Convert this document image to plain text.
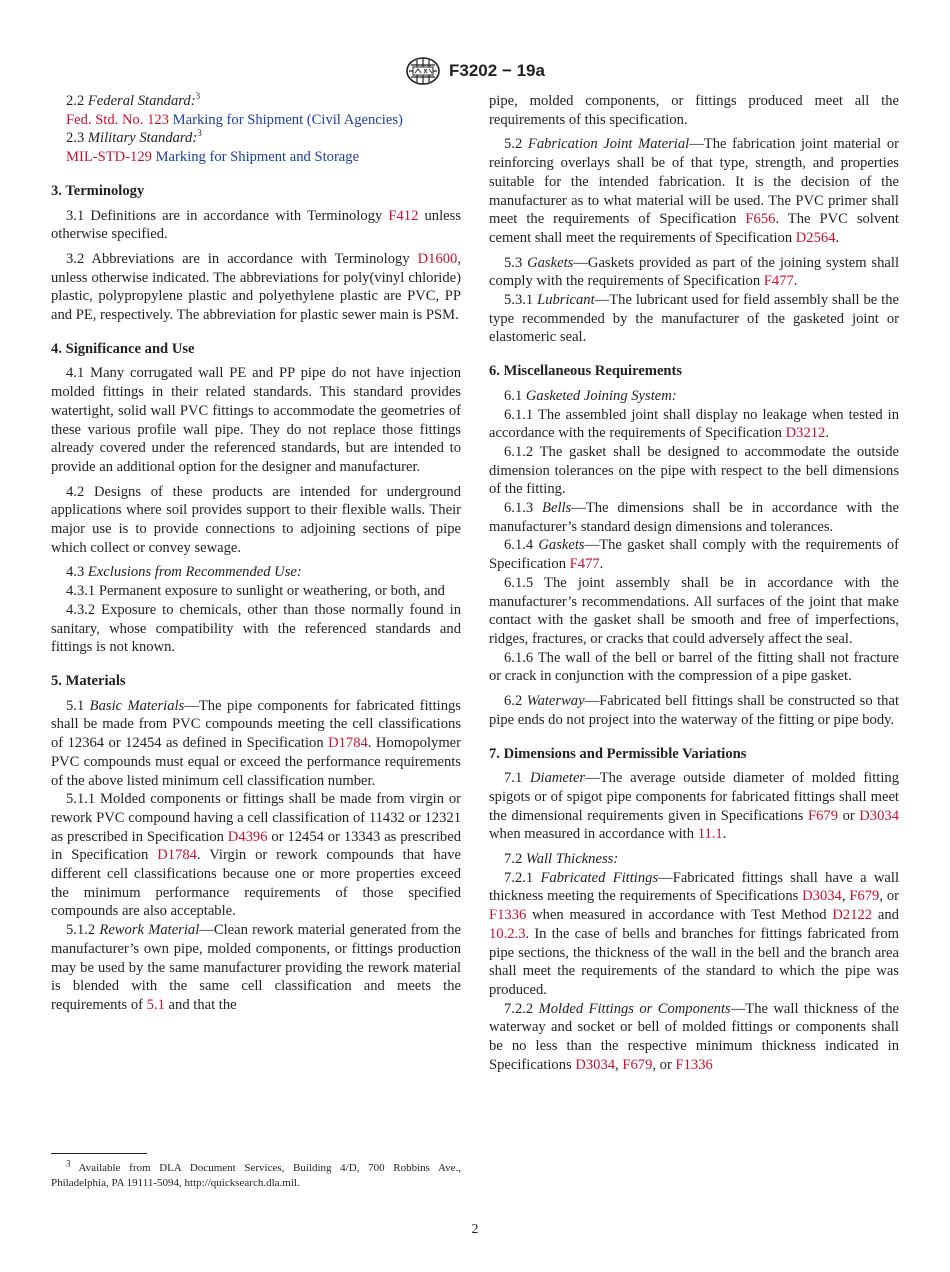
F3202 − 19a

2.2 Federal Standard:$^3$

Fed. Std. No. 123 Marking for Shipment (Civil Agencies)

2.3 Military Standard:$^3$

MIL-STD-129 Marking for Shipment and Storage

3. Terminology

3.1 Definitions are in accordance with Terminology F412 unless otherwise specified.

3.2 Abbreviations are in accordance with Terminology D1600, unless otherwise indicated. The abbreviations for poly(vinyl chloride) plastic, polypropylene plastic and polyethylene plastic are PVC, PP and PE, respectively. The abbreviation for plastic sewer main is PSM.

4. Significance and Use

4.1 Many corrugated wall PE and PP pipe do not have injection molded fittings in their related standards. This standard provides watertight, solid wall PVC fittings to accommodate the geometries of these various profile wall pipe. They do not replace those fittings already covered under the referenced standards, but are intended to provide an additional option for the designer and manufacturer.

4.2 Designs of these products are intended for underground applications where soil provides support to their flexible walls. Their major use is to provide connections to adjoining sections of pipe which collect or convey sewage.

4.3 Exclusions from Recommended Use:

4.3.1 Permanent exposure to sunlight or weathering, or both, and

4.3.2 Exposure to chemicals, other than those normally found in sanitary, whose compatibility with the referenced standards and fittings is not known.

5. Materials

5.1 Basic Materials—The pipe components for fabricated fittings shall be made from PVC compounds meeting the cell classifications of 12364 or 12454 as defined in Specification D1784. Homopolymer PVC compounds must equal or exceed the performance requirements of the above listed minimum cell classification number.

5.1.1 Molded components or fittings shall be made from virgin or rework PVC compound having a cell classification of 11432 or 12321 as prescribed in Specification D4396 or 12454 or 13343 as prescribed in Specification D1784. Virgin or rework compounds that have different cell classifications because one or more properties exceed the minimum performance requirements of those specified compounds are also acceptable.

5.1.2 Rework Material—Clean rework material generated from the manufacturer’s own pipe, molded components, or fittings production may be used by the same manufacturer providing the rework material is blended with the same cell classification and meets the requirements of 5.1 and that the

$^3$ Available from DLA Document Services, Building 4/D, 700 Robbins Ave., Philadelphia, PA 19111-5094, http://quicksearch.dla.mil.

pipe, molded components, or fittings produced meet all the requirements of this specification.

5.2 Fabrication Joint Material—The fabrication joint material or reinforcing overlays shall be of that type, strength, and properties suitable for the intended fabrication. It is the decision of the manufacturer as to what material will be used. The PVC primer shall meet the requirements of Specification F656. The PVC solvent cement shall meet the requirements of Specification D2564.

5.3 Gaskets—Gaskets provided as part of the joining system shall comply with the requirements of Specification F477.

5.3.1 Lubricant—The lubricant used for field assembly shall be the type recommended by the manufacturer of the gasketed joint or elastomeric seal.

6. Miscellaneous Requirements

6.1 Gasketed Joining System:

6.1.1 The assembled joint shall display no leakage when tested in accordance with the requirements of Specification D3212.

6.1.2 The gasket shall be designed to accommodate the outside dimension tolerances on the pipe with respect to the bell dimensions of the fitting.

6.1.3 Bells—The dimensions shall be in accordance with the manufacturer’s standard design dimensions and tolerances.

6.1.4 Gaskets—The gasket shall comply with the requirements of Specification F477.

6.1.5 The joint assembly shall be in accordance with the manufacturer’s recommendations. All surfaces of the joint that make contact with the gasket shall be smooth and free of imperfections, ridges, fractures, or cracks that could adversely affect the seal.

6.1.6 The wall of the bell or barrel of the fitting shall not fracture or crack in conjunction with the compression of a pipe gasket.

6.2 Waterway—Fabricated bell fittings shall be constructed so that pipe ends do not project into the waterway of the fitting or pipe body.

7. Dimensions and Permissible Variations

7.1 Diameter—The average outside diameter of molded fitting spigots or of spigot pipe components for fabricated fittings shall meet the dimensional requirements given in Specifications F679 or D3034 when measured in accordance with 11.1.

7.2 Wall Thickness:

7.2.1 Fabricated Fittings—Fabricated fittings shall have a wall thickness meeting the requirements of Specifications D3034, F679, or F1336 when measured in accordance with Test Method D2122 and 10.2.3. In the case of bells and branches for fittings fabricated from pipe sections, the thickness of the wall in the bell and the branch area shall meet the requirements of the standard to which the pipe was produced.

7.2.2 Molded Fittings or Components—The wall thickness of the waterway and socket or bell of molded fittings or components shall be no less than the respective minimum thickness indicated in Specifications D3034, F679, or F1336

2
